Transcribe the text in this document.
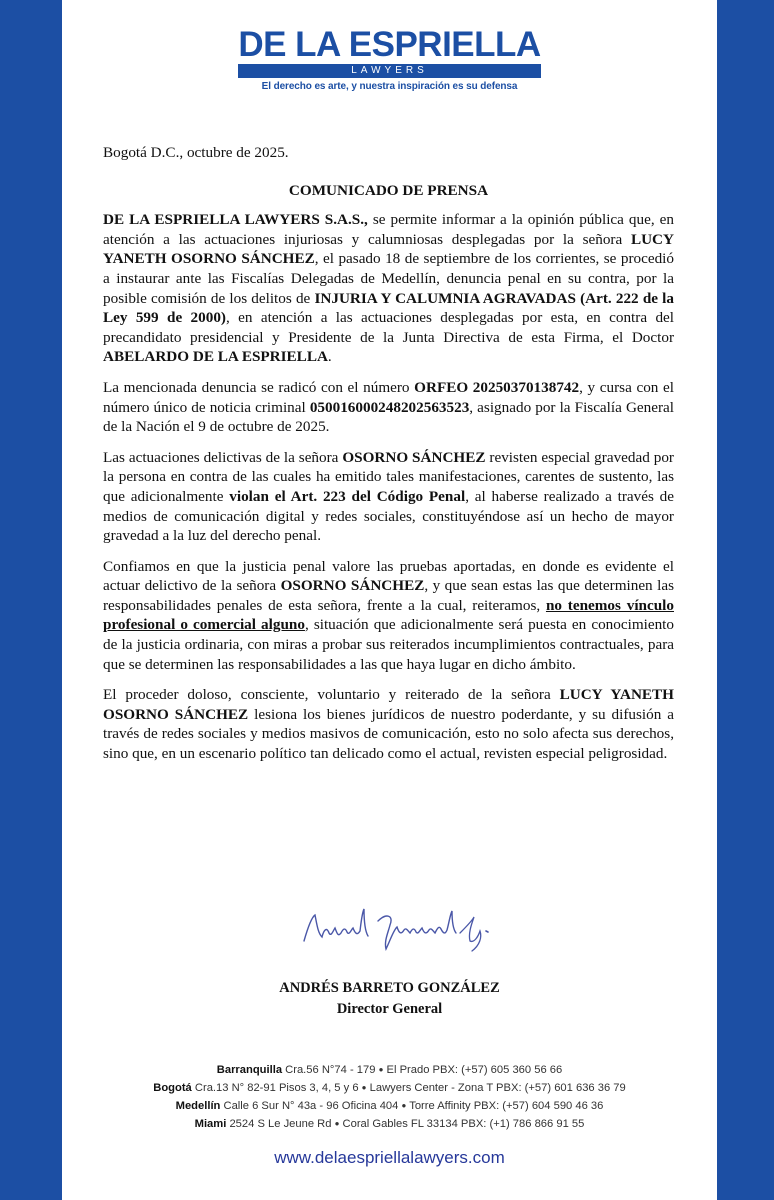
DE LA ESPRIELLA
LAWYERS
El derecho es arte, y nuestra inspiración es su defensa

Bogotá D.C., octubre de 2025.

COMUNICADO DE PRENSA

DE LA ESPRIELLA LAWYERS S.A.S., se permite informar a la opinión pública que, en atención a las actuaciones injuriosas y calumniosas desplegadas por la señora LUCY YANETH OSORNO SÁNCHEZ, el pasado 18 de septiembre de los corrientes, se procedió a instaurar ante las Fiscalías Delegadas de Medellín, denuncia penal en su contra, por la posible comisión de los delitos de INJURIA Y CALUMNIA AGRAVADAS (Art. 222 de la Ley 599 de 2000), en atención a las actuaciones desplegadas por esta, en contra del precandidato presidencial y Presidente de la Junta Directiva de esta Firma, el Doctor ABELARDO DE LA ESPRIELLA.

La mencionada denuncia se radicó con el número ORFEO 20250370138742, y cursa con el número único de noticia criminal 050016000248202563523, asignado por la Fiscalía General de la Nación el 9 de octubre de 2025.

Las actuaciones delictivas de la señora OSORNO SÁNCHEZ revisten especial gravedad por la persona en contra de las cuales ha emitido tales manifestaciones, carentes de sustento, las que adicionalmente violan el Art. 223 del Código Penal, al haberse realizado a través de medios de comunicación digital y redes sociales, constituyéndose así un hecho de mayor gravedad a la luz del derecho penal.

Confiamos en que la justicia penal valore las pruebas aportadas, en donde es evidente el actuar delictivo de la señora OSORNO SÁNCHEZ, y que sean estas las que determinen las responsabilidades penales de esta señora, frente a la cual, reiteramos, no tenemos vínculo profesional o comercial alguno, situación que adicionalmente será puesta en conocimiento de la justicia ordinaria, con miras a probar sus reiterados incumplimientos contractuales, para que se determinen las responsabilidades a las que haya lugar en dicho ámbito.

El proceder doloso, consciente, voluntario y reiterado de la señora LUCY YANETH OSORNO SÁNCHEZ lesiona los bienes jurídicos de nuestro poderdante, y su difusión a través de redes sociales y medios masivos de comunicación, esto no solo afecta sus derechos, sino que, en un escenario político tan delicado como el actual, revisten especial peligrosidad.

ANDRÉS BARRETO GONZÁLEZ
Director General
Barranquilla Cra.56 N°74 - 179 ● El Prado PBX: (+57) 605 360 56 66
Bogotá Cra.13 N° 82-91 Pisos 3, 4, 5 y 6 ● Lawyers Center - Zona T PBX: (+57) 601 636 36 79
Medellín Calle 6 Sur N° 43a - 96 Oficina 404 ● Torre Affinity PBX: (+57) 604 590 46 36
Miami 2524 S Le Jeune Rd ● Coral Gables FL 33134 PBX: (+1) 786 866 91 55
www.delaespriellalawyers.com
